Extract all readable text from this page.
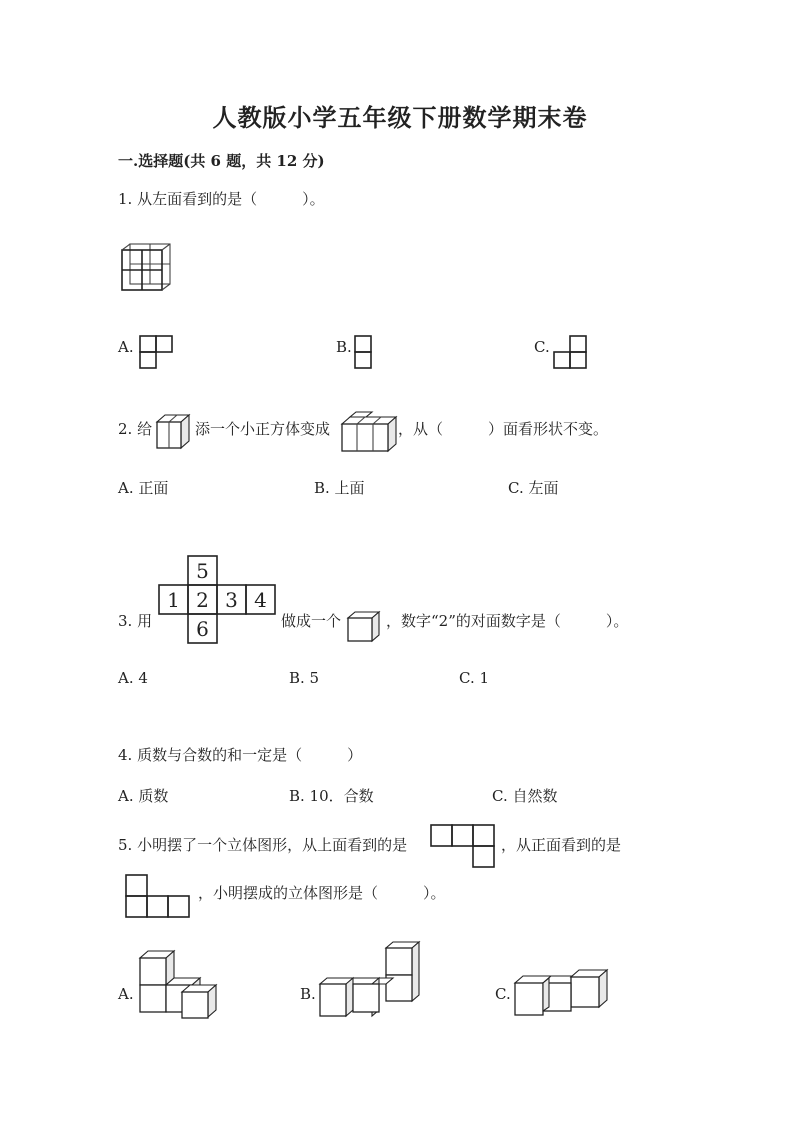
人教版小学五年级下册数学期末卷
一.选择题(共 6 题，共 12 分)
1. 从左面看到的是（　　　）。
A.	B.	C.
2. 给	添一个小正方体变成	，从（　　　）面看形状不变。
A. 正面	B. 上面	C. 左面
3. 用
5
1 2 3 4
6	做成一个	，数字“2”的对面数字是（　　　）。
A. 4	B. 5	C. 1
4. 质数与合数的和一定是（　　　）
A. 质数	B. 10．合数	C. 自然数
5. 小明摆了一个立体图形，从上面看到的是	，从正面看到的是
，小明摆成的立体图形是（　　　）。
A.	B.	C.
